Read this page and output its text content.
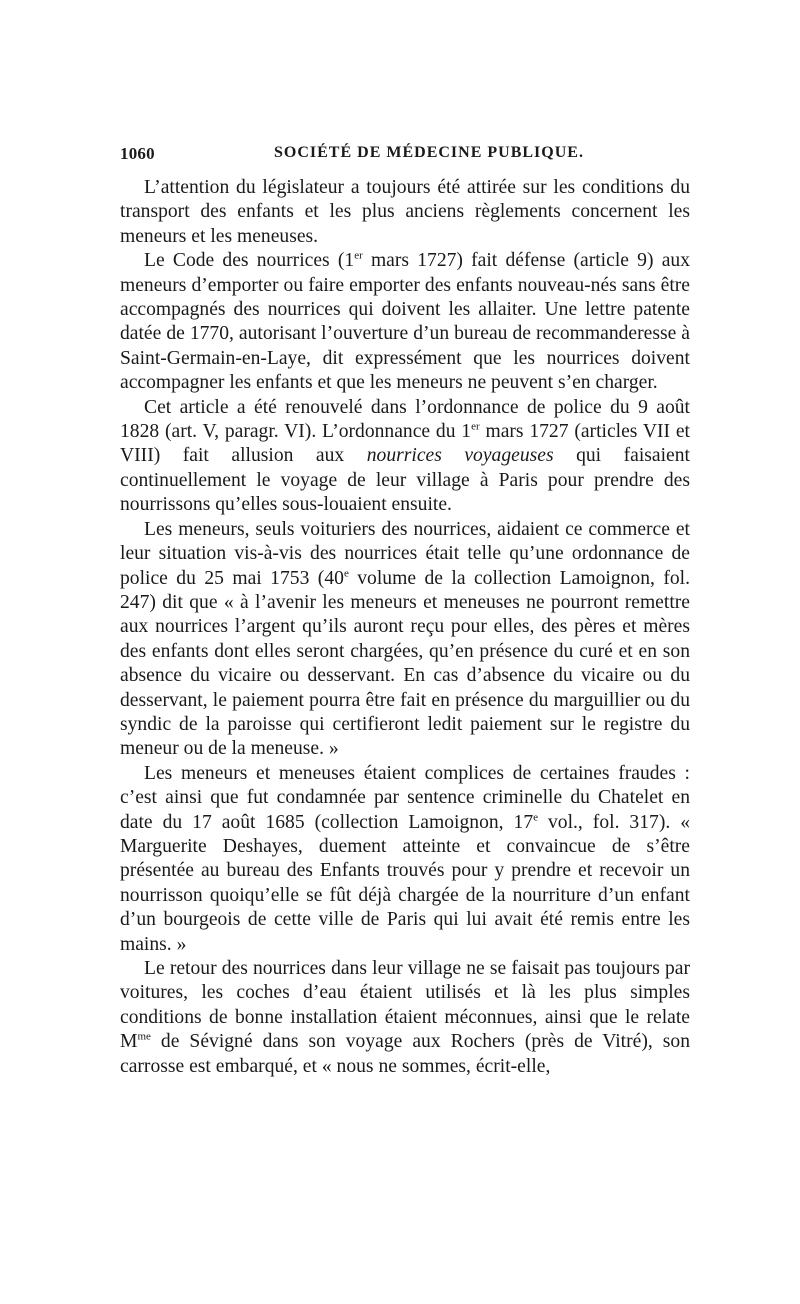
1060	SOCIÉTÉ DE MÉDECINE PUBLIQUE.

L’attention du législateur a toujours été attirée sur les conditions du transport des enfants et les plus anciens règlements concernent les meneurs et les meneuses.

Le Code des nourrices (1er mars 1727) fait défense (article 9) aux meneurs d’emporter ou faire emporter des enfants nouveau-nés sans être accompagnés des nourrices qui doivent les allaiter. Une lettre patente datée de 1770, autorisant l’ouverture d’un bureau de recommanderesse à Saint-Germain-en-Laye, dit expressément que les nourrices doivent accompagner les enfants et que les meneurs ne peuvent s’en charger.

Cet article a été renouvelé dans l’ordonnance de police du 9 août 1828 (art. V, paragr. VI). L’ordonnance du 1er mars 1727 (articles VII et VIII) fait allusion aux nourrices voyageuses qui faisaient continuellement le voyage de leur village à Paris pour prendre des nourrissons qu’elles sous-louaient ensuite.

Les meneurs, seuls voituriers des nourrices, aidaient ce commerce et leur situation vis-à-vis des nourrices était telle qu’une ordonnance de police du 25 mai 1753 (40e volume de la collection Lamoignon, fol. 247) dit que « à l’avenir les meneurs et meneuses ne pourront remettre aux nourrices l’argent qu’ils auront reçu pour elles, des pères et mères des enfants dont elles seront chargées, qu’en présence du curé et en son absence du vicaire ou desservant. En cas d’absence du vicaire ou du desservant, le paiement pourra être fait en présence du marguillier ou du syndic de la paroisse qui certifieront ledit paiement sur le registre du meneur ou de la meneuse. »

Les meneurs et meneuses étaient complices de certaines fraudes : c’est ainsi que fut condamnée par sentence criminelle du Chatelet en date du 17 août 1685 (collection Lamoignon, 17e vol., fol. 317). « Marguerite Deshayes, duement atteinte et convaincue de s’être présentée au bureau des Enfants trouvés pour y prendre et recevoir un nourrisson quoiqu’elle se fût déjà chargée de la nourriture d’un enfant d’un bourgeois de cette ville de Paris qui lui avait été remis entre les mains. »

Le retour des nourrices dans leur village ne se faisait pas toujours par voitures, les coches d’eau étaient utilisés et là les plus simples conditions de bonne installation étaient méconnues, ainsi que le relate $M^{me}$ de Sévigné dans son voyage aux Rochers (près de Vitré), son carrosse est embarqué, et « nous ne sommes, écrit-elle,
